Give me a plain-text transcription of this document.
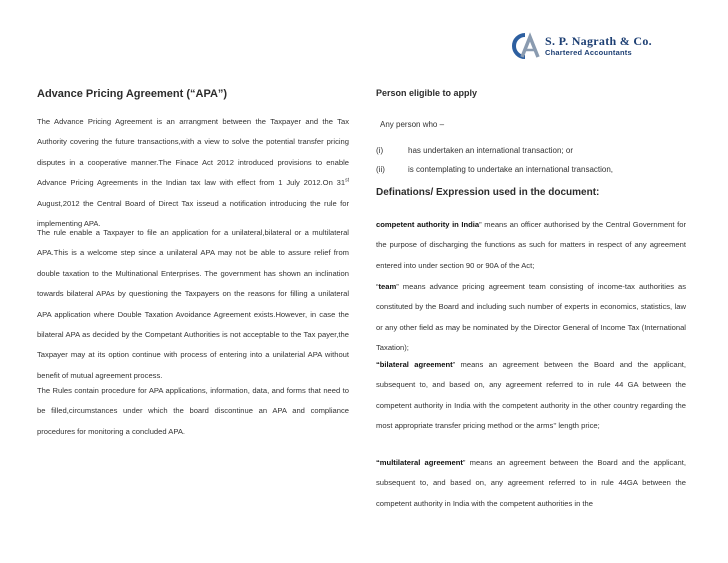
S. P. Nagrath & Co.
Chartered Accountants
Advance Pricing Agreement (“APA”)
The Advance Pricing Agreement is an arrangment between the Taxpayer and the Tax Authority covering the future transactions,with a view to solve the potential transfer pricing disputes in a cooperative manner.The Finace Act 2012 introduced provisions to enable Advance Pricing Agreements in the Indian tax law with effect from 1 July 2012.On 31st August,2012 the Central Board of Direct Tax isseud a notification introducing the rule for implementing APA.
The rule enable a Taxpayer to file an application for a unilateral,bilateral or a multilateral APA.This is a welcome step since a unilateral APA may not be able to assure relief from double taxation to the Multinational Enterprises. The government has shown an inclination towards bilateral APAs by questioning the Taxpayers on the reasons for filling a unilateral APA application where Double Taxation Avoidance Agreement exists.However, in case the bilateral APA as decided by the Competant Authorities is not acceptable to the Tax payer,the Taxpayer may at its option continue with process of entering into a unilaterial APA without benefit of mutual agreement process.
The Rules contain procedure for APA applications, information, data, and forms that need to be filled,circumstances under which the board discontinue an APA and compliance procedures for monitoring a concluded APA.
Person eligible to apply
Any person who –
(i)	has undertaken an international transaction; or
(ii)	is contemplating to undertake an international transaction,
Definations/ Expression used in the document:
competent authority in India” means an officer authorised by the Central Government for the purpose of discharging the functions as such for matters in respect of any agreement entered into under section 90 or 90A of the Act;
“team” means advance pricing agreement team consisting of income-tax authorities as constituted by the Board and including such number of experts in economics, statistics, law or any other field as may be nominated by the Director General of Income Tax (International Taxation);
“bilateral agreement” means an agreement between the Board and the applicant, subsequent to, and based on, any agreement referred to in rule 44 GA between the competent authority in India with the competent authority in the other country regarding the most appropriate transfer pricing method or the arms’’ length price;
“multilateral agreement” means an agreement between the Board and the applicant, subsequent to, and based on, any agreement referred to in rule 44GA between the competent authority in India with the competent authorities in the
